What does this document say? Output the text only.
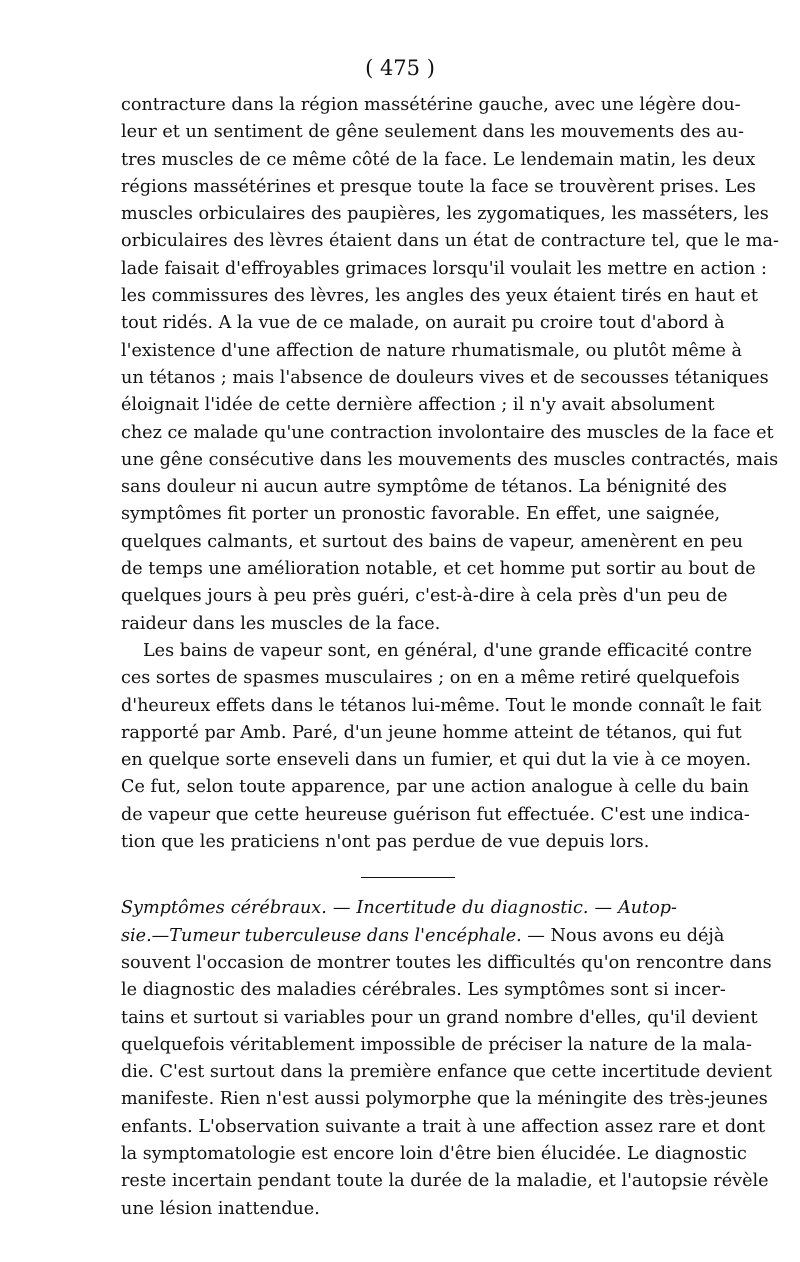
( 475 )
contracture dans la région massétérine gauche, avec une légère dou-
leur et un sentiment de gêne seulement dans les mouvements des au-
tres muscles de ce même côté de la face. Le lendemain matin, les deux
régions massétérines et presque toute la face se trouvèrent prises. Les
muscles orbiculaires des paupières, les zygomatiques, les masséters, les
orbiculaires des lèvres étaient dans un état de contracture tel, que le ma-
lade faisait d'effroyables grimaces lorsqu'il voulait les mettre en action :
les commissures des lèvres, les angles des yeux étaient tirés en haut et
tout ridés. A la vue de ce malade, on aurait pu croire tout d'abord à
l'existence d'une affection de nature rhumatismale, ou plutôt même à
un tétanos ; mais l'absence de douleurs vives et de secousses tétaniques
éloignait l'idée de cette dernière affection ; il n'y avait absolument
chez ce malade qu'une contraction involontaire des muscles de la face et
une gêne consécutive dans les mouvements des muscles contractés, mais
sans douleur ni aucun autre symptôme de tétanos. La bénignité des
symptômes fit porter un pronostic favorable. En effet, une saignée,
quelques calmants, et surtout des bains de vapeur, amenèrent en peu
de temps une amélioration notable, et cet homme put sortir au bout de
quelques jours à peu près guéri, c'est-à-dire à cela près d'un peu de
raideur dans les muscles de la face.
Les bains de vapeur sont, en général, d'une grande efficacité contre
ces sortes de spasmes musculaires ; on en a même retiré quelquefois
d'heureux effets dans le tétanos lui-même. Tout le monde connaît le fait
rapporté par Amb. Paré, d'un jeune homme atteint de tétanos, qui fut
en quelque sorte enseveli dans un fumier, et qui dut la vie à ce moyen.
Ce fut, selon toute apparence, par une action analogue à celle du bain
de vapeur que cette heureuse guérison fut effectuée. C'est une indica-
tion que les praticiens n'ont pas perdue de vue depuis lors.
Symptômes cérébraux. — Incertitude du diagnostic. — Autop-
sie.—Tumeur tuberculeuse dans l'encéphale. — Nous avons eu déjà
souvent l'occasion de montrer toutes les difficultés qu'on rencontre dans
le diagnostic des maladies cérébrales. Les symptômes sont si incer-
tains et surtout si variables pour un grand nombre d'elles, qu'il devient
quelquefois véritablement impossible de préciser la nature de la mala-
die. C'est surtout dans la première enfance que cette incertitude devient
manifeste. Rien n'est aussi polymorphe que la méningite des très-jeunes
enfants. L'observation suivante a trait à une affection assez rare et dont
la symptomatologie est encore loin d'être bien élucidée. Le diagnostic
reste incertain pendant toute la durée de la maladie, et l'autopsie révèle
une lésion inattendue.
